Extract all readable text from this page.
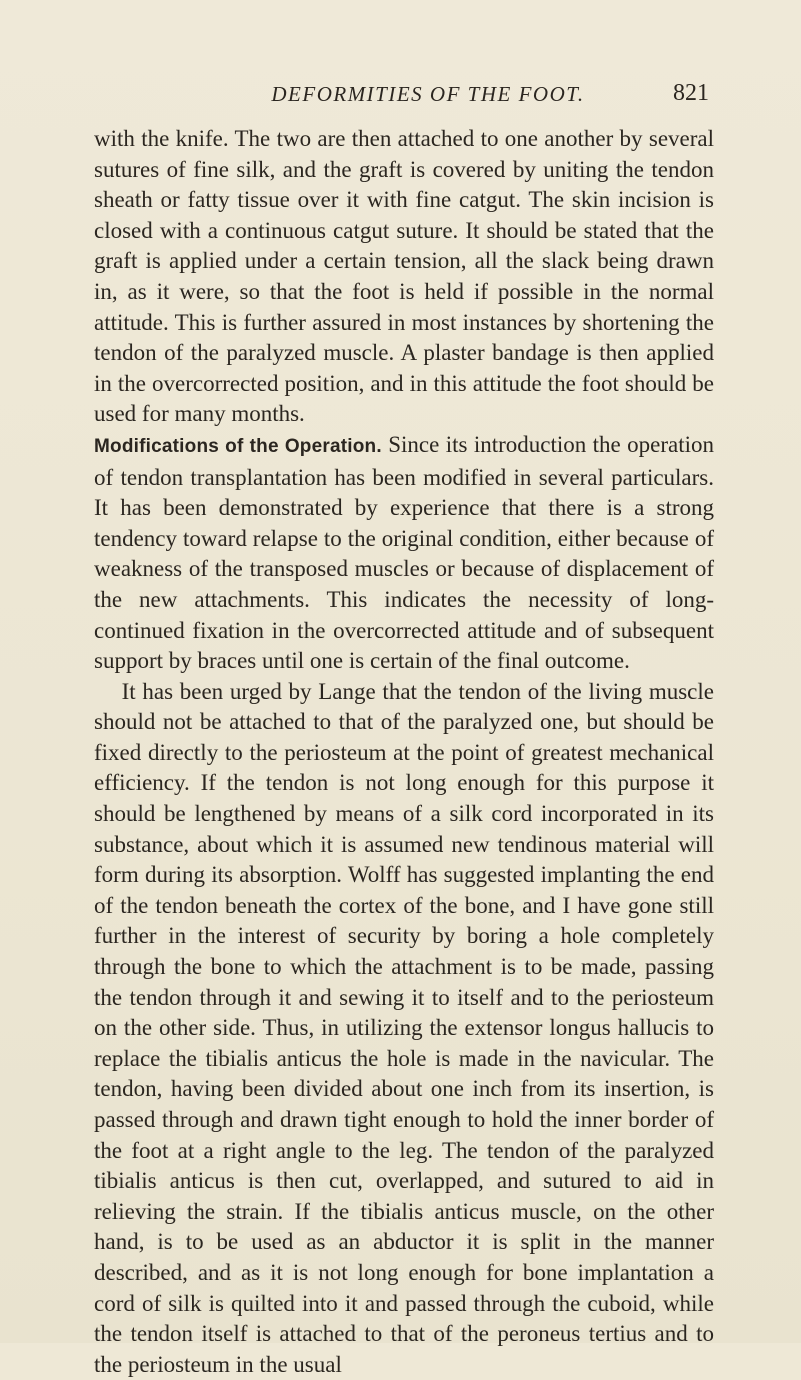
DEFORMITIES OF THE FOOT.	821

with the knife. The two are then attached to one another by several sutures of fine silk, and the graft is covered by uniting the tendon sheath or fatty tissue over it with fine catgut. The skin incision is closed with a continuous catgut suture. It should be stated that the graft is applied under a certain tension, all the slack being drawn in, as it were, so that the foot is held if possible in the normal attitude. This is further assured in most instances by shortening the tendon of the paralyzed muscle. A plaster bandage is then applied in the overcorrected position, and in this attitude the foot should be used for many months.

Modifications of the Operation. Since its introduction the operation of tendon transplantation has been modified in several particulars. It has been demonstrated by experience that there is a strong tendency toward relapse to the original condition, either because of weakness of the transposed muscles or because of displacement of the new attachments. This indicates the necessity of long-continued fixation in the overcorrected attitude and of subsequent support by braces until one is certain of the final outcome.

It has been urged by Lange that the tendon of the living muscle should not be attached to that of the paralyzed one, but should be fixed directly to the periosteum at the point of greatest mechanical efficiency. If the tendon is not long enough for this purpose it should be lengthened by means of a silk cord incorporated in its substance, about which it is assumed new tendinous material will form during its absorption. Wolff has suggested implanting the end of the tendon beneath the cortex of the bone, and I have gone still further in the interest of security by boring a hole completely through the bone to which the attachment is to be made, passing the tendon through it and sewing it to itself and to the periosteum on the other side. Thus, in utilizing the extensor longus hallucis to replace the tibialis anticus the hole is made in the navicular. The tendon, having been divided about one inch from its insertion, is passed through and drawn tight enough to hold the inner border of the foot at a right angle to the leg. The tendon of the paralyzed tibialis anticus is then cut, overlapped, and sutured to aid in relieving the strain. If the tibialis anticus muscle, on the other hand, is to be used as an abductor it is split in the manner described, and as it is not long enough for bone implantation a cord of silk is quilted into it and passed through the cuboid, while the tendon itself is attached to that of the peroneus tertius and to the periosteum in the usual
